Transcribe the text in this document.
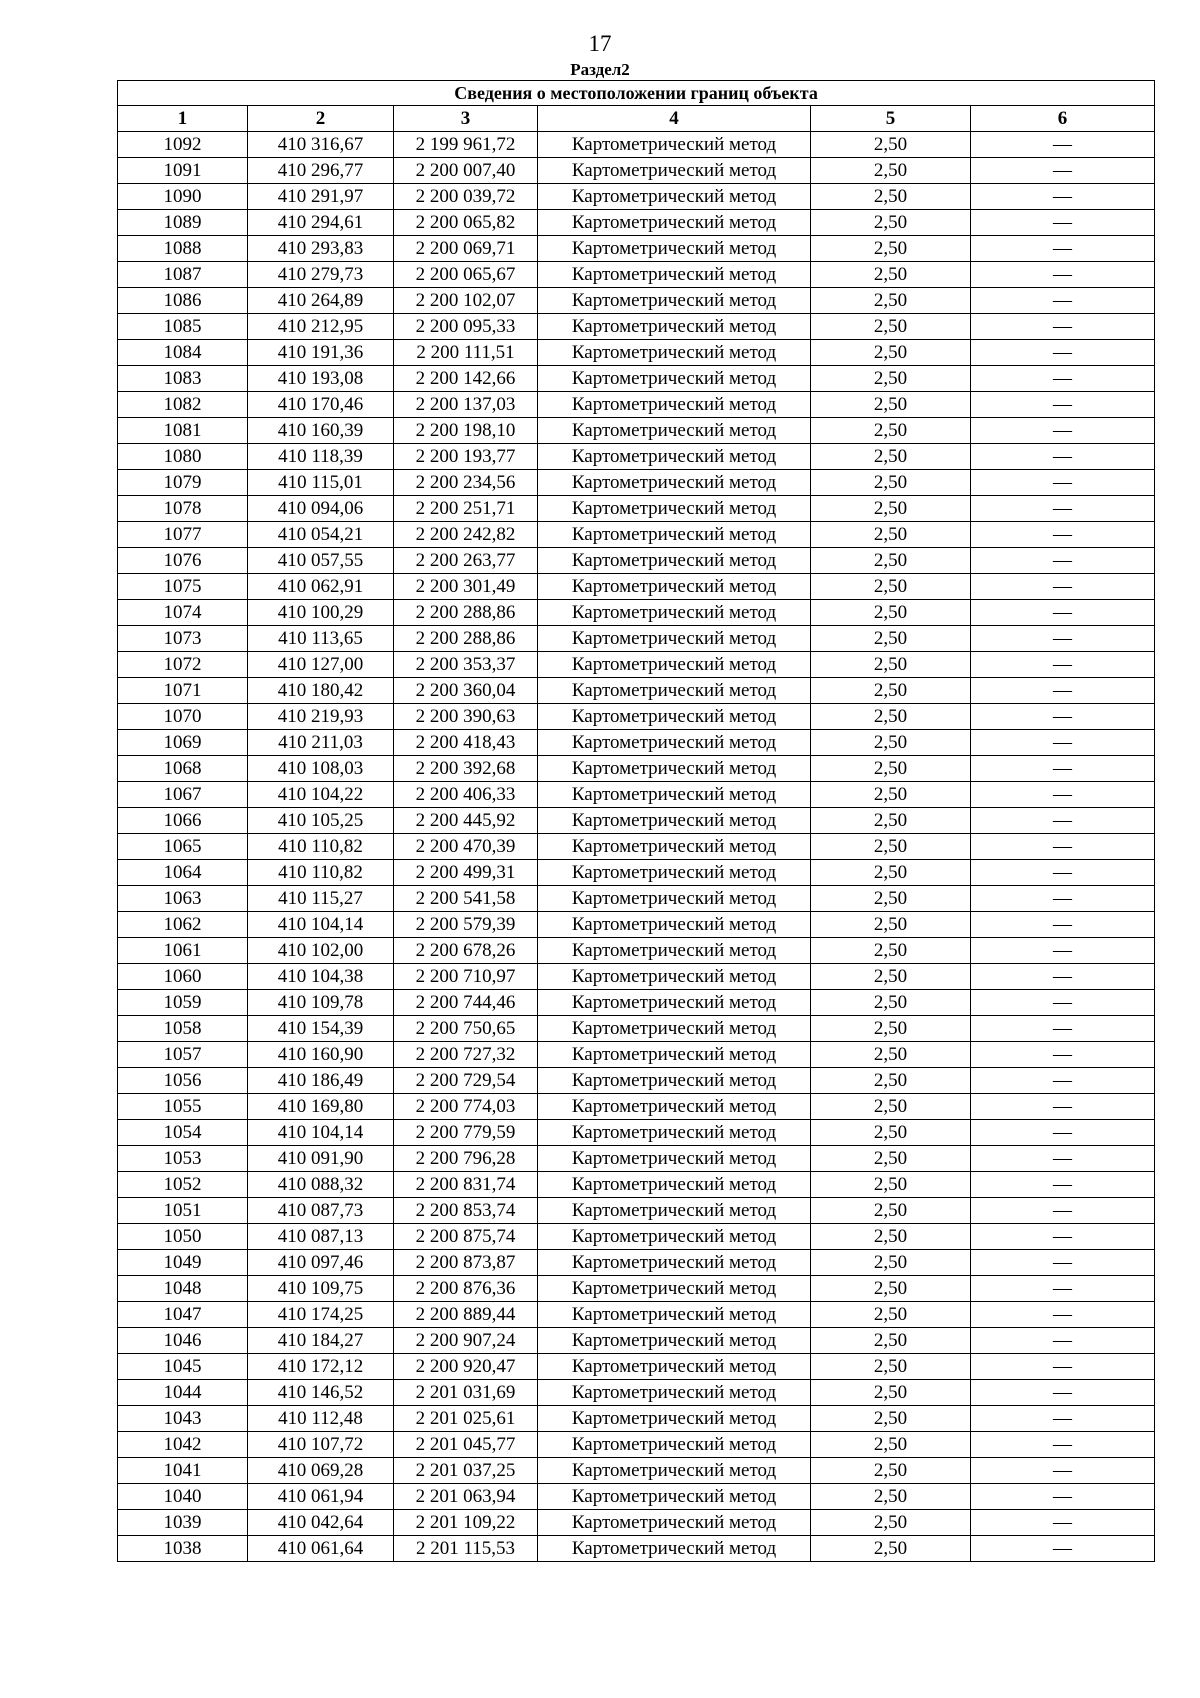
17
Раздел2
Сведения о местоположении границ объекта					
1	2	3	4	5	6
1092	410 316,67	2 199 961,72	Картометрический метод	2,50	—
1091	410 296,77	2 200 007,40	Картометрический метод	2,50	—
1090	410 291,97	2 200 039,72	Картометрический метод	2,50	—
1089	410 294,61	2 200 065,82	Картометрический метод	2,50	—
1088	410 293,83	2 200 069,71	Картометрический метод	2,50	—
1087	410 279,73	2 200 065,67	Картометрический метод	2,50	—
1086	410 264,89	2 200 102,07	Картометрический метод	2,50	—
1085	410 212,95	2 200 095,33	Картометрический метод	2,50	—
1084	410 191,36	2 200 111,51	Картометрический метод	2,50	—
1083	410 193,08	2 200 142,66	Картометрический метод	2,50	—
1082	410 170,46	2 200 137,03	Картометрический метод	2,50	—
1081	410 160,39	2 200 198,10	Картометрический метод	2,50	—
1080	410 118,39	2 200 193,77	Картометрический метод	2,50	—
1079	410 115,01	2 200 234,56	Картометрический метод	2,50	—
1078	410 094,06	2 200 251,71	Картометрический метод	2,50	—
1077	410 054,21	2 200 242,82	Картометрический метод	2,50	—
1076	410 057,55	2 200 263,77	Картометрический метод	2,50	—
1075	410 062,91	2 200 301,49	Картометрический метод	2,50	—
1074	410 100,29	2 200 288,86	Картометрический метод	2,50	—
1073	410 113,65	2 200 288,86	Картометрический метод	2,50	—
1072	410 127,00	2 200 353,37	Картометрический метод	2,50	—
1071	410 180,42	2 200 360,04	Картометрический метод	2,50	—
1070	410 219,93	2 200 390,63	Картометрический метод	2,50	—
1069	410 211,03	2 200 418,43	Картометрический метод	2,50	—
1068	410 108,03	2 200 392,68	Картометрический метод	2,50	—
1067	410 104,22	2 200 406,33	Картометрический метод	2,50	—
1066	410 105,25	2 200 445,92	Картометрический метод	2,50	—
1065	410 110,82	2 200 470,39	Картометрический метод	2,50	—
1064	410 110,82	2 200 499,31	Картометрический метод	2,50	—
1063	410 115,27	2 200 541,58	Картометрический метод	2,50	—
1062	410 104,14	2 200 579,39	Картометрический метод	2,50	—
1061	410 102,00	2 200 678,26	Картометрический метод	2,50	—
1060	410 104,38	2 200 710,97	Картометрический метод	2,50	—
1059	410 109,78	2 200 744,46	Картометрический метод	2,50	—
1058	410 154,39	2 200 750,65	Картометрический метод	2,50	—
1057	410 160,90	2 200 727,32	Картометрический метод	2,50	—
1056	410 186,49	2 200 729,54	Картометрический метод	2,50	—
1055	410 169,80	2 200 774,03	Картометрический метод	2,50	—
1054	410 104,14	2 200 779,59	Картометрический метод	2,50	—
1053	410 091,90	2 200 796,28	Картометрический метод	2,50	—
1052	410 088,32	2 200 831,74	Картометрический метод	2,50	—
1051	410 087,73	2 200 853,74	Картометрический метод	2,50	—
1050	410 087,13	2 200 875,74	Картометрический метод	2,50	—
1049	410 097,46	2 200 873,87	Картометрический метод	2,50	—
1048	410 109,75	2 200 876,36	Картометрический метод	2,50	—
1047	410 174,25	2 200 889,44	Картометрический метод	2,50	—
1046	410 184,27	2 200 907,24	Картометрический метод	2,50	—
1045	410 172,12	2 200 920,47	Картометрический метод	2,50	—
1044	410 146,52	2 201 031,69	Картометрический метод	2,50	—
1043	410 112,48	2 201 025,61	Картометрический метод	2,50	—
1042	410 107,72	2 201 045,77	Картометрический метод	2,50	—
1041	410 069,28	2 201 037,25	Картометрический метод	2,50	—
1040	410 061,94	2 201 063,94	Картометрический метод	2,50	—
1039	410 042,64	2 201 109,22	Картометрический метод	2,50	—
1038	410 061,64	2 201 115,53	Картометрический метод	2,50	—
